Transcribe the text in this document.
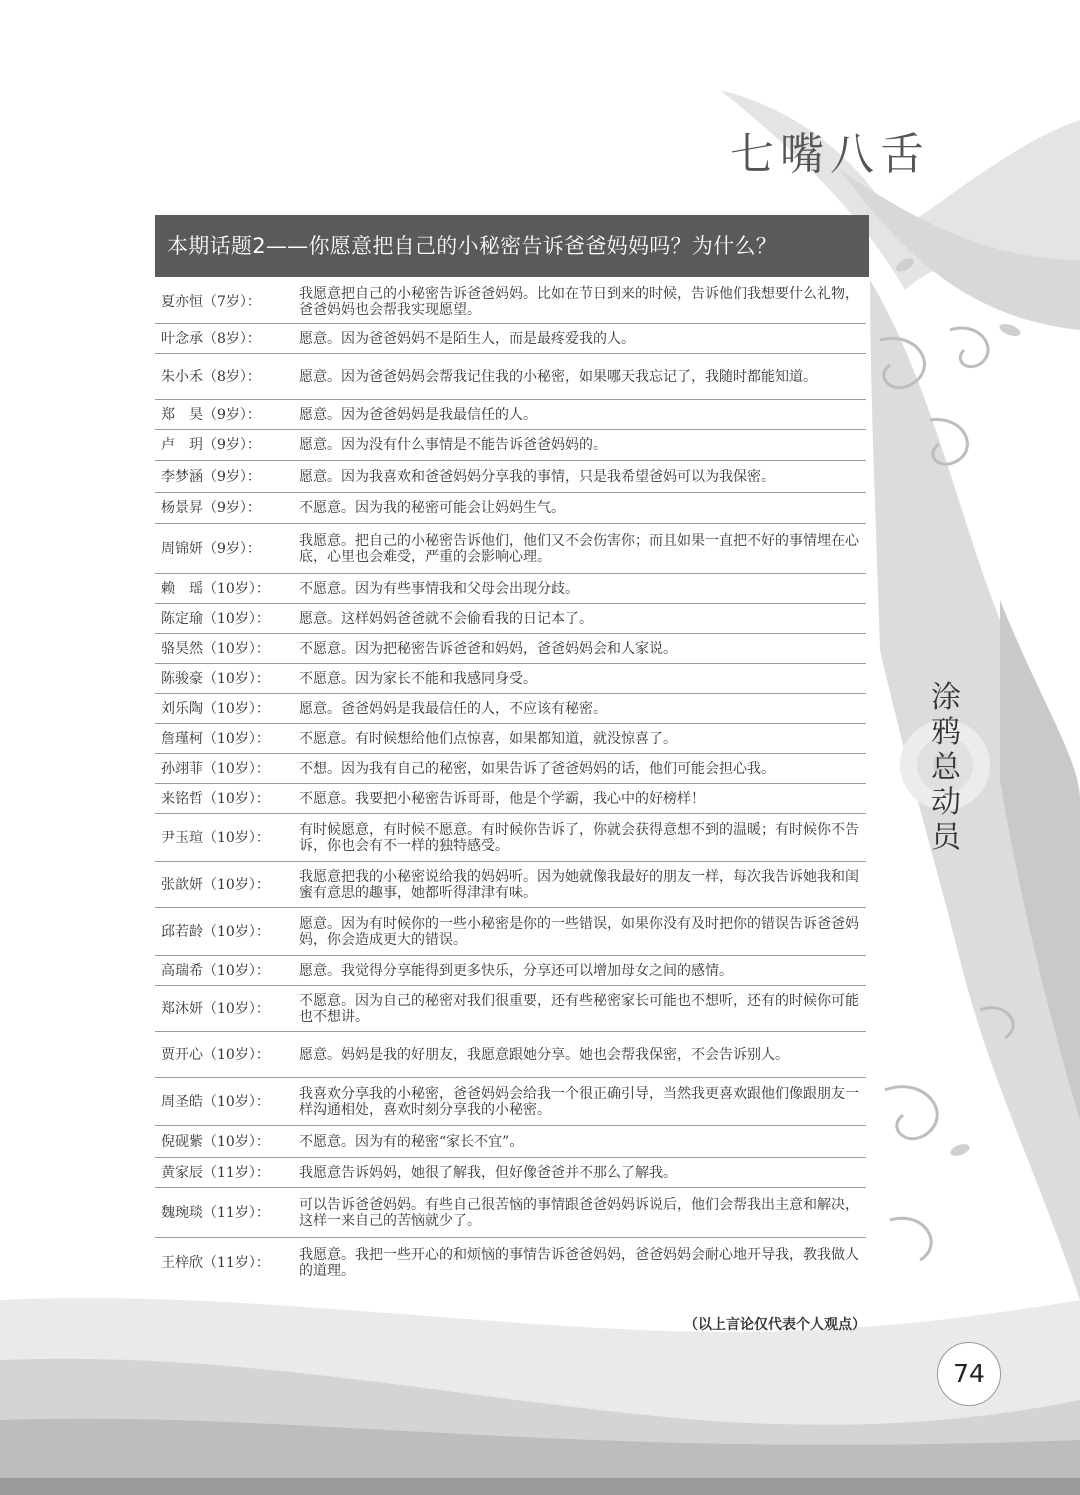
七嘴八舌
涂
鸦
总
动
员
本期话题2——你愿意把自己的小秘密告诉爸爸妈妈吗？为什么？
夏亦恒（7岁）：	我愿意把自己的小秘密告诉爸爸妈妈。比如在节日到来的时候，告诉他们我想要什么礼物，爸爸妈妈也会帮我实现愿望。
叶念承（8岁）：	愿意。因为爸爸妈妈不是陌生人，而是最疼爱我的人。
朱小禾（8岁）：	愿意。因为爸爸妈妈会帮我记住我的小秘密，如果哪天我忘记了，我随时都能知道。
郑　昊（9岁）：	愿意。因为爸爸妈妈是我最信任的人。
卢　玥（9岁）：	愿意。因为没有什么事情是不能告诉爸爸妈妈的。
李梦涵（9岁）：	愿意。因为我喜欢和爸爸妈妈分享我的事情，只是我希望爸妈可以为我保密。
杨景昇（9岁）：	不愿意。因为我的秘密可能会让妈妈生气。
周锦妍（9岁）：	我愿意。把自己的小秘密告诉他们，他们又不会伤害你；而且如果一直把不好的事情埋在心底，心里也会难受，严重的会影响心理。
赖　瑶（10岁）：	不愿意。因为有些事情我和父母会出现分歧。
陈定瑜（10岁）：	愿意。这样妈妈爸爸就不会偷看我的日记本了。
骆昊然（10岁）：	不愿意。因为把秘密告诉爸爸和妈妈，爸爸妈妈会和人家说。
陈骏豪（10岁）：	不愿意。因为家长不能和我感同身受。
刘乐陶（10岁）：	愿意。爸爸妈妈是我最信任的人，不应该有秘密。
詹瑾柯（10岁）：	不愿意。有时候想给他们点惊喜，如果都知道，就没惊喜了。
孙翊菲（10岁）：	不想。因为我有自己的秘密，如果告诉了爸爸妈妈的话，他们可能会担心我。
来铭哲（10岁）：	不愿意。我要把小秘密告诉哥哥，他是个学霸，我心中的好榜样！
尹玉瑄（10岁）：	有时候愿意，有时候不愿意。有时候你告诉了，你就会获得意想不到的温暖；有时候你不告诉，你也会有不一样的独特感受。
张歆妍（10岁）：	我愿意把我的小秘密说给我的妈妈听。因为她就像我最好的朋友一样，每次我告诉她我和闺蜜有意思的趣事，她都听得津津有味。
邱若龄（10岁）：	愿意。因为有时候你的一些小秘密是你的一些错误，如果你没有及时把你的错误告诉爸爸妈妈，你会造成更大的错误。
高瑞希（10岁）：	愿意。我觉得分享能得到更多快乐，分享还可以增加母女之间的感情。
郑沐妍（10岁）：	不愿意。因为自己的秘密对我们很重要，还有些秘密家长可能也不想听，还有的时候你可能也不想讲。
贾开心（10岁）：	愿意。妈妈是我的好朋友，我愿意跟她分享。她也会帮我保密，不会告诉别人。
周圣皓（10岁）：	我喜欢分享我的小秘密，爸爸妈妈会给我一个很正确引导，当然我更喜欢跟他们像跟朋友一样沟通相处，喜欢时刻分享我的小秘密。
倪砚紫（10岁）：	不愿意。因为有的秘密“家长不宜”。
黄家辰（11岁）：	我愿意告诉妈妈，她很了解我，但好像爸爸并不那么了解我。
魏琬琰（11岁）：	可以告诉爸爸妈妈。有些自己很苦恼的事情跟爸爸妈妈诉说后，他们会帮我出主意和解决，这样一来自己的苦恼就少了。
王梓欣（11岁）：	我愿意。我把一些开心的和烦恼的事情告诉爸爸妈妈，爸爸妈妈会耐心地开导我，教我做人的道理。

（以上言论仅代表个人观点）

74
